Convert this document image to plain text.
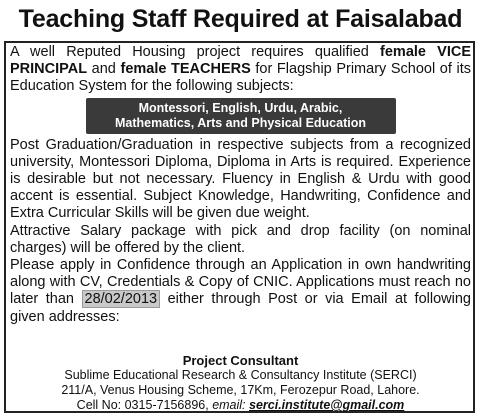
Teaching Staff Required at Faisalabad

A well Reputed Housing project requires qualified female VICE PRINCIPAL and female TEACHERS for Flagship Primary School of its Education System for the following subjects:

Montessori, English, Urdu, Arabic,
Mathematics, Arts and Physical Education

Post Graduation/Graduation in respective subjects from a recognized university, Montessori Diploma, Diploma in Arts is required. Experience is desirable but not necessary. Fluency in English & Urdu with good accent is essential. Subject Knowledge, Handwriting, Confidence and Extra Curricular Skills will be given due weight.

Attractive Salary package with pick and drop facility (on nominal charges) will be offered by the client.

Please apply in Confidence through an Application in own handwriting along with CV, Credentials & Copy of CNIC. Applications must reach no later than 28/02/2013 either through Post or via Email at following given addresses:

Project Consultant
Sublime Educational Research & Consultancy Institute (SERCI)
211/A, Venus Housing Scheme, 17Km, Ferozepur Road, Lahore.
Cell No: 0315-7156896, email: serci.institute@gmail.com
